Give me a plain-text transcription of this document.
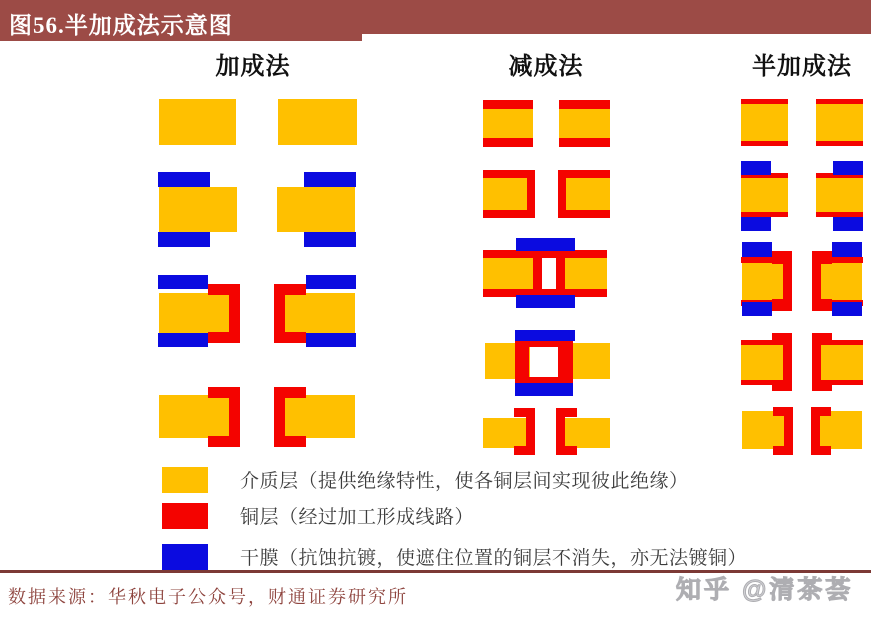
图56.半加成法示意图
加成法	减成法	半加成法
介质层（提供绝缘特性，使各铜层间实现彼此绝缘）
铜层（经过加工形成线路）
干膜（抗蚀抗镀，使遮住位置的铜层不消失，亦无法镀铜）
数据来源：华秋电子公众号，财通证券研究所	知乎 @清茶荟
